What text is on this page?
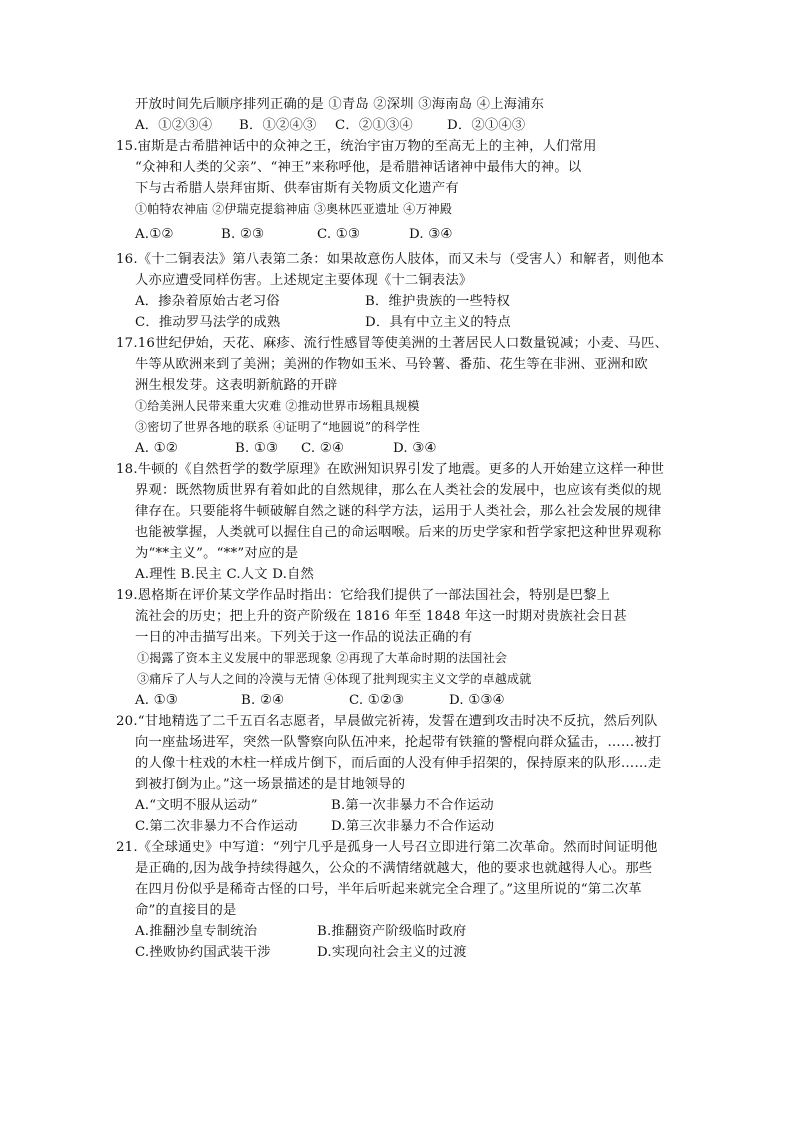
开放时间先后顺序排列正确的是 ①青岛 ②深圳 ③海南岛 ④上海浦东
A．①②③④	B．①②④③	C．②①③④	D．②①④③
15.宙斯是古希腊神话中的众神之王，统治宇宙万物的至高无上的主神，人们常用
“众神和人类的父亲”、“神王”来称呼他，是希腊神话诸神中最伟大的神。以
下与古希腊人崇拜宙斯、供奉宙斯有关物质文化遗产有
①帕特农神庙 ②伊瑞克提翁神庙 ③奥林匹亚遗址 ④万神殿
A.①②	B. ②③	C. ①③	D. ③④
16.《十二铜表法》第八表第二条：如果故意伤人肢体，而又未与（受害人）和解者，则他本
人亦应遭受同样伤害。上述规定主要体现《十二铜表法》
A．掺杂着原始古老习俗	B．维护贵族的一些特权
C．推动罗马法学的成熟	D．具有中立主义的特点
17.16世纪伊始，天花、麻疹、流行性感冒等使美洲的土著居民人口数量锐减；小麦、马匹、
牛等从欧洲来到了美洲；美洲的作物如玉米、马铃薯、番茄、花生等在非洲、亚洲和欧
洲生根发芽。这表明新航路的开辟
①给美洲人民带来重大灾难 ②推动世界市场粗具规模
③密切了世界各地的联系 ④证明了“地圆说”的科学性
A. ①②	B. ①③	C. ②④	D. ③④
18.牛顿的《自然哲学的数学原理》在欧洲知识界引发了地震。更多的人开始建立这样一种世
界观：既然物质世界有着如此的自然规律，那么在人类社会的发展中，也应该有类似的规
律存在。只要能将牛顿破解自然之谜的科学方法，运用于人类社会，那么社会发展的规律
也能被掌握，人类就可以握住自己的命运咽喉。后来的历史学家和哲学家把这种世界观称
为“**主义”。“**”对应的是
A.理性 B.民主 C.人文 D.自然
19.恩格斯在评价某文学作品时指出：它给我们提供了一部法国社会，特别是巴黎上
流社会的历史；把上升的资产阶级在 1816 年至 1848 年这一时期对贵族社会日甚
一日的冲击描写出来。下列关于这一作品的说法正确的有
①揭露了资本主义发展中的罪恶现象 ②再现了大革命时期的法国社会
③痛斥了人与人之间的冷漠与无情 ④体现了批判现实主义文学的卓越成就
A. ①③	B. ②④	C. ①②③	D. ①③④
20.“甘地精选了二千五百名志愿者，早晨做完祈祷，发誓在遭到攻击时决不反抗，然后列队
向一座盐场进军，突然一队警察向队伍冲来，抡起带有铁箍的警棍向群众猛击，……被打
的人像十柱戏的木柱一样成片倒下，而后面的人没有伸手招架的，保持原来的队形……走
到被打倒为止。”这一场景描述的是甘地领导的
A.“文明不服从运动”	B.第一次非暴力不合作运动
C.第二次非暴力不合作运动	D.第三次非暴力不合作运动
21.《全球通史》中写道：“列宁几乎是孤身一人号召立即进行第二次革命。然而时间证明他
是正确的,因为战争持续得越久，公众的不满情绪就越大，他的要求也就越得人心。那些
在四月份似乎是稀奇古怪的口号，半年后听起来就完全合理了。”这里所说的“第二次革
命”的直接目的是
A.推翻沙皇专制统治	B.推翻资产阶级临时政府
C.挫败协约国武装干涉	D.实现向社会主义的过渡
